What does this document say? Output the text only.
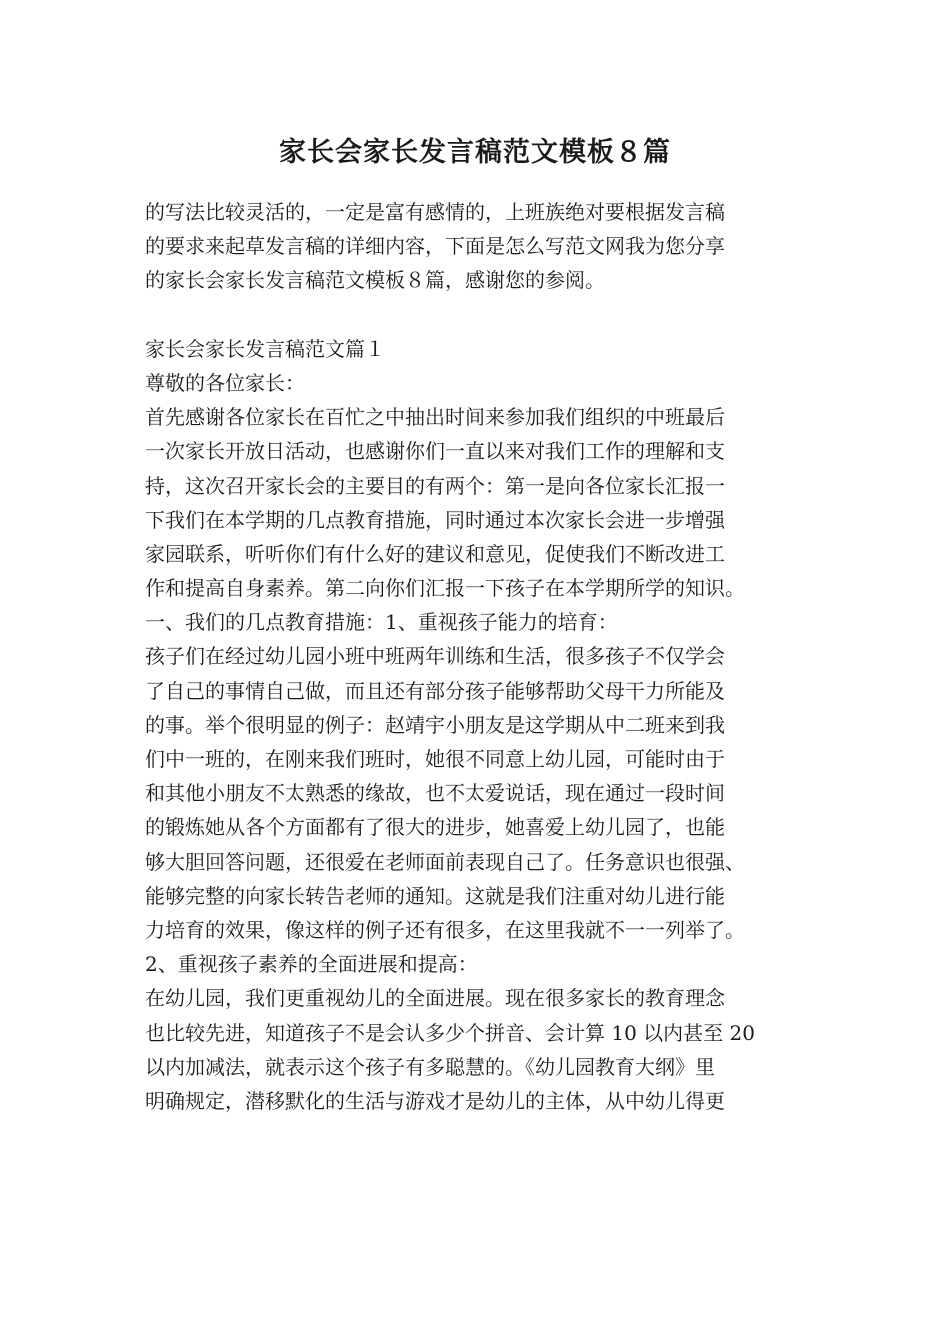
家长会家长发言稿范文模板８篇
的写法比较灵活的，一定是富有感情的，上班族绝对要根据发言稿
的要求来起草发言稿的详细内容，下面是怎么写范文网我为您分享
的家长会家长发言稿范文模板８篇，感谢您的参阅。
家长会家长发言稿范文篇１
尊敬的各位家长：
首先感谢各位家长在百忙之中抽出时间来参加我们组织的中班最后
一次家长开放日活动，也感谢你们一直以来对我们工作的理解和支
持，这次召开家长会的主要目的有两个：第一是向各位家长汇报一
下我们在本学期的几点教育措施，同时通过本次家长会进一步增强
家园联系，听听你们有什么好的建议和意见，促使我们不断改进工
作和提高自身素养。第二向你们汇报一下孩子在本学期所学的知识。
一、我们的几点教育措施：1、重视孩子能力的培育：
孩子们在经过幼儿园小班中班两年训练和生活，很多孩子不仅学会
了自己的事情自己做，而且还有部分孩子能够帮助父母干力所能及
的事。举个很明显的例子：赵靖宇小朋友是这学期从中二班来到我
们中一班的，在刚来我们班时，她很不同意上幼儿园，可能时由于
和其他小朋友不太熟悉的缘故，也不太爱说话，现在通过一段时间
的锻炼她从各个方面都有了很大的进步，她喜爱上幼儿园了，也能
够大胆回答问题，还很爱在老师面前表现自己了。任务意识也很强、
能够完整的向家长转告老师的通知。这就是我们注重对幼儿进行能
力培育的效果，像这样的例子还有很多，在这里我就不一一列举了。
2、重视孩子素养的全面进展和提高：
在幼儿园，我们更重视幼儿的全面进展。现在很多家长的教育理念
也比较先进，知道孩子不是会认多少个拼音、会计算 10 以内甚至 20
以内加减法，就表示这个孩子有多聪慧的。《幼儿园教育大纲》里
明确规定，潜移默化的生活与游戏才是幼儿的主体，从中幼儿得更
